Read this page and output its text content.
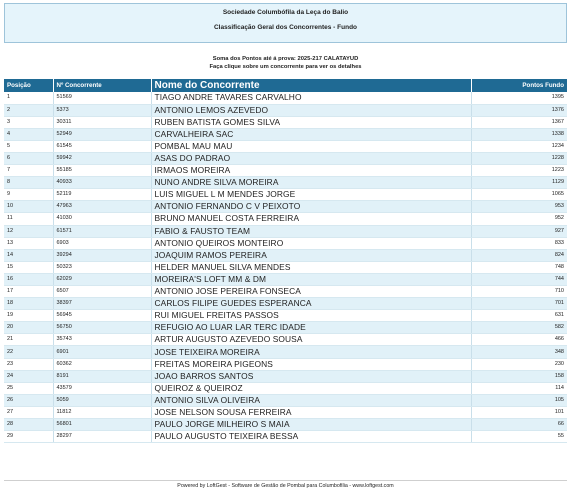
Sociedade Columbófila da Leça do Balio
Classificação Geral dos Concorrentes - Fundo
Soma dos Pontos até á prova: 2025-217 CALATAYUD
Faça clique sobre um concorrente para ver os detalhes
Posição	Nº Concorrente	Nome do Concorrente	Pontos Fundo
1	51569	TIAGO ANDRE TAVARES CARVALHO	1395
2	5373	ANTONIO LEMOS AZEVEDO	1376
3	30311	RUBEN BATISTA GOMES SILVA	1367
4	52949	CARVALHEIRA SAC	1338
5	61545	POMBAL MAU MAU	1234
6	59942	ASAS DO PADRAO	1228
7	55185	IRMAOS MOREIRA	1223
8	40933	NUNO ANDRE SILVA MOREIRA	1129
9	52119	LUIS MIGUEL L M MENDES JORGE	1065
10	47963	ANTONIO FERNANDO C V PEIXOTO	953
11	41030	BRUNO MANUEL COSTA FERREIRA	952
12	61571	FABIO & FAUSTO TEAM	927
13	6903	ANTONIO QUEIROS MONTEIRO	833
14	39294	JOAQUIM RAMOS PEREIRA	824
15	50323	HELDER MANUEL SILVA MENDES	748
16	62029	MOREIRA'S LOFT MM & DM	744
17	6507	ANTONIO JOSE PEREIRA FONSECA	710
18	38397	CARLOS FILIPE GUEDES ESPERANCA	701
19	56945	RUI MIGUEL FREITAS PASSOS	631
20	56750	REFUGIO AO LUAR LAR TERC IDADE	582
21	35743	ARTUR AUGUSTO AZEVEDO SOUSA	466
22	6901	JOSE TEIXEIRA MOREIRA	348
23	60362	FREITAS MOREIRA PIGEONS	230
24	8191	JOAO BARROS SANTOS	158
25	43579	QUEIROZ & QUEIROZ	114
26	5059	ANTONIO SILVA OLIVEIRA	105
27	11812	JOSE NELSON SOUSA FERREIRA	101
28	56801	PAULO JORGE MILHEIRO S MAIA	66
29	28297	PAULO AUGUSTO TEIXEIRA BESSA	55
Powered by LoftGest - Software de Gestão de Pombal para Columbofilia - www.loftgest.com
